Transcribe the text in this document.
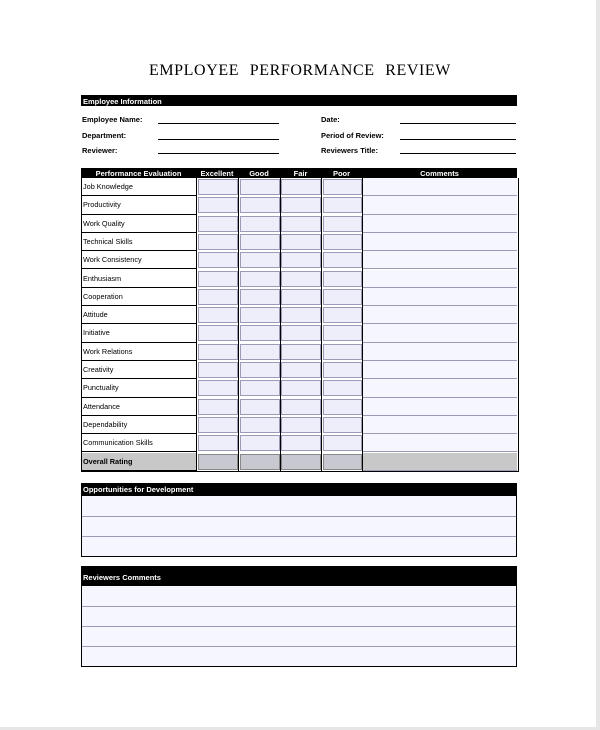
EMPLOYEE PERFORMANCE REVIEW
Employee Information
Employee Name:
Department:
Reviewer:
Date:
Period of Review:
Reviewers Title:
Performance Evaluation	Excellent	Good	Fair	Poor	Comments
Job Knowledge
Productivity
Work Quality
Technical Skills
Work Consistency
Enthusiasm
Cooperation
Attitude
Initiative
Work Relations
Creativity
Punctuality
Attendance
Dependability
Communication Skills
Overall Rating
Opportunities for Development
Reviewers Comments
